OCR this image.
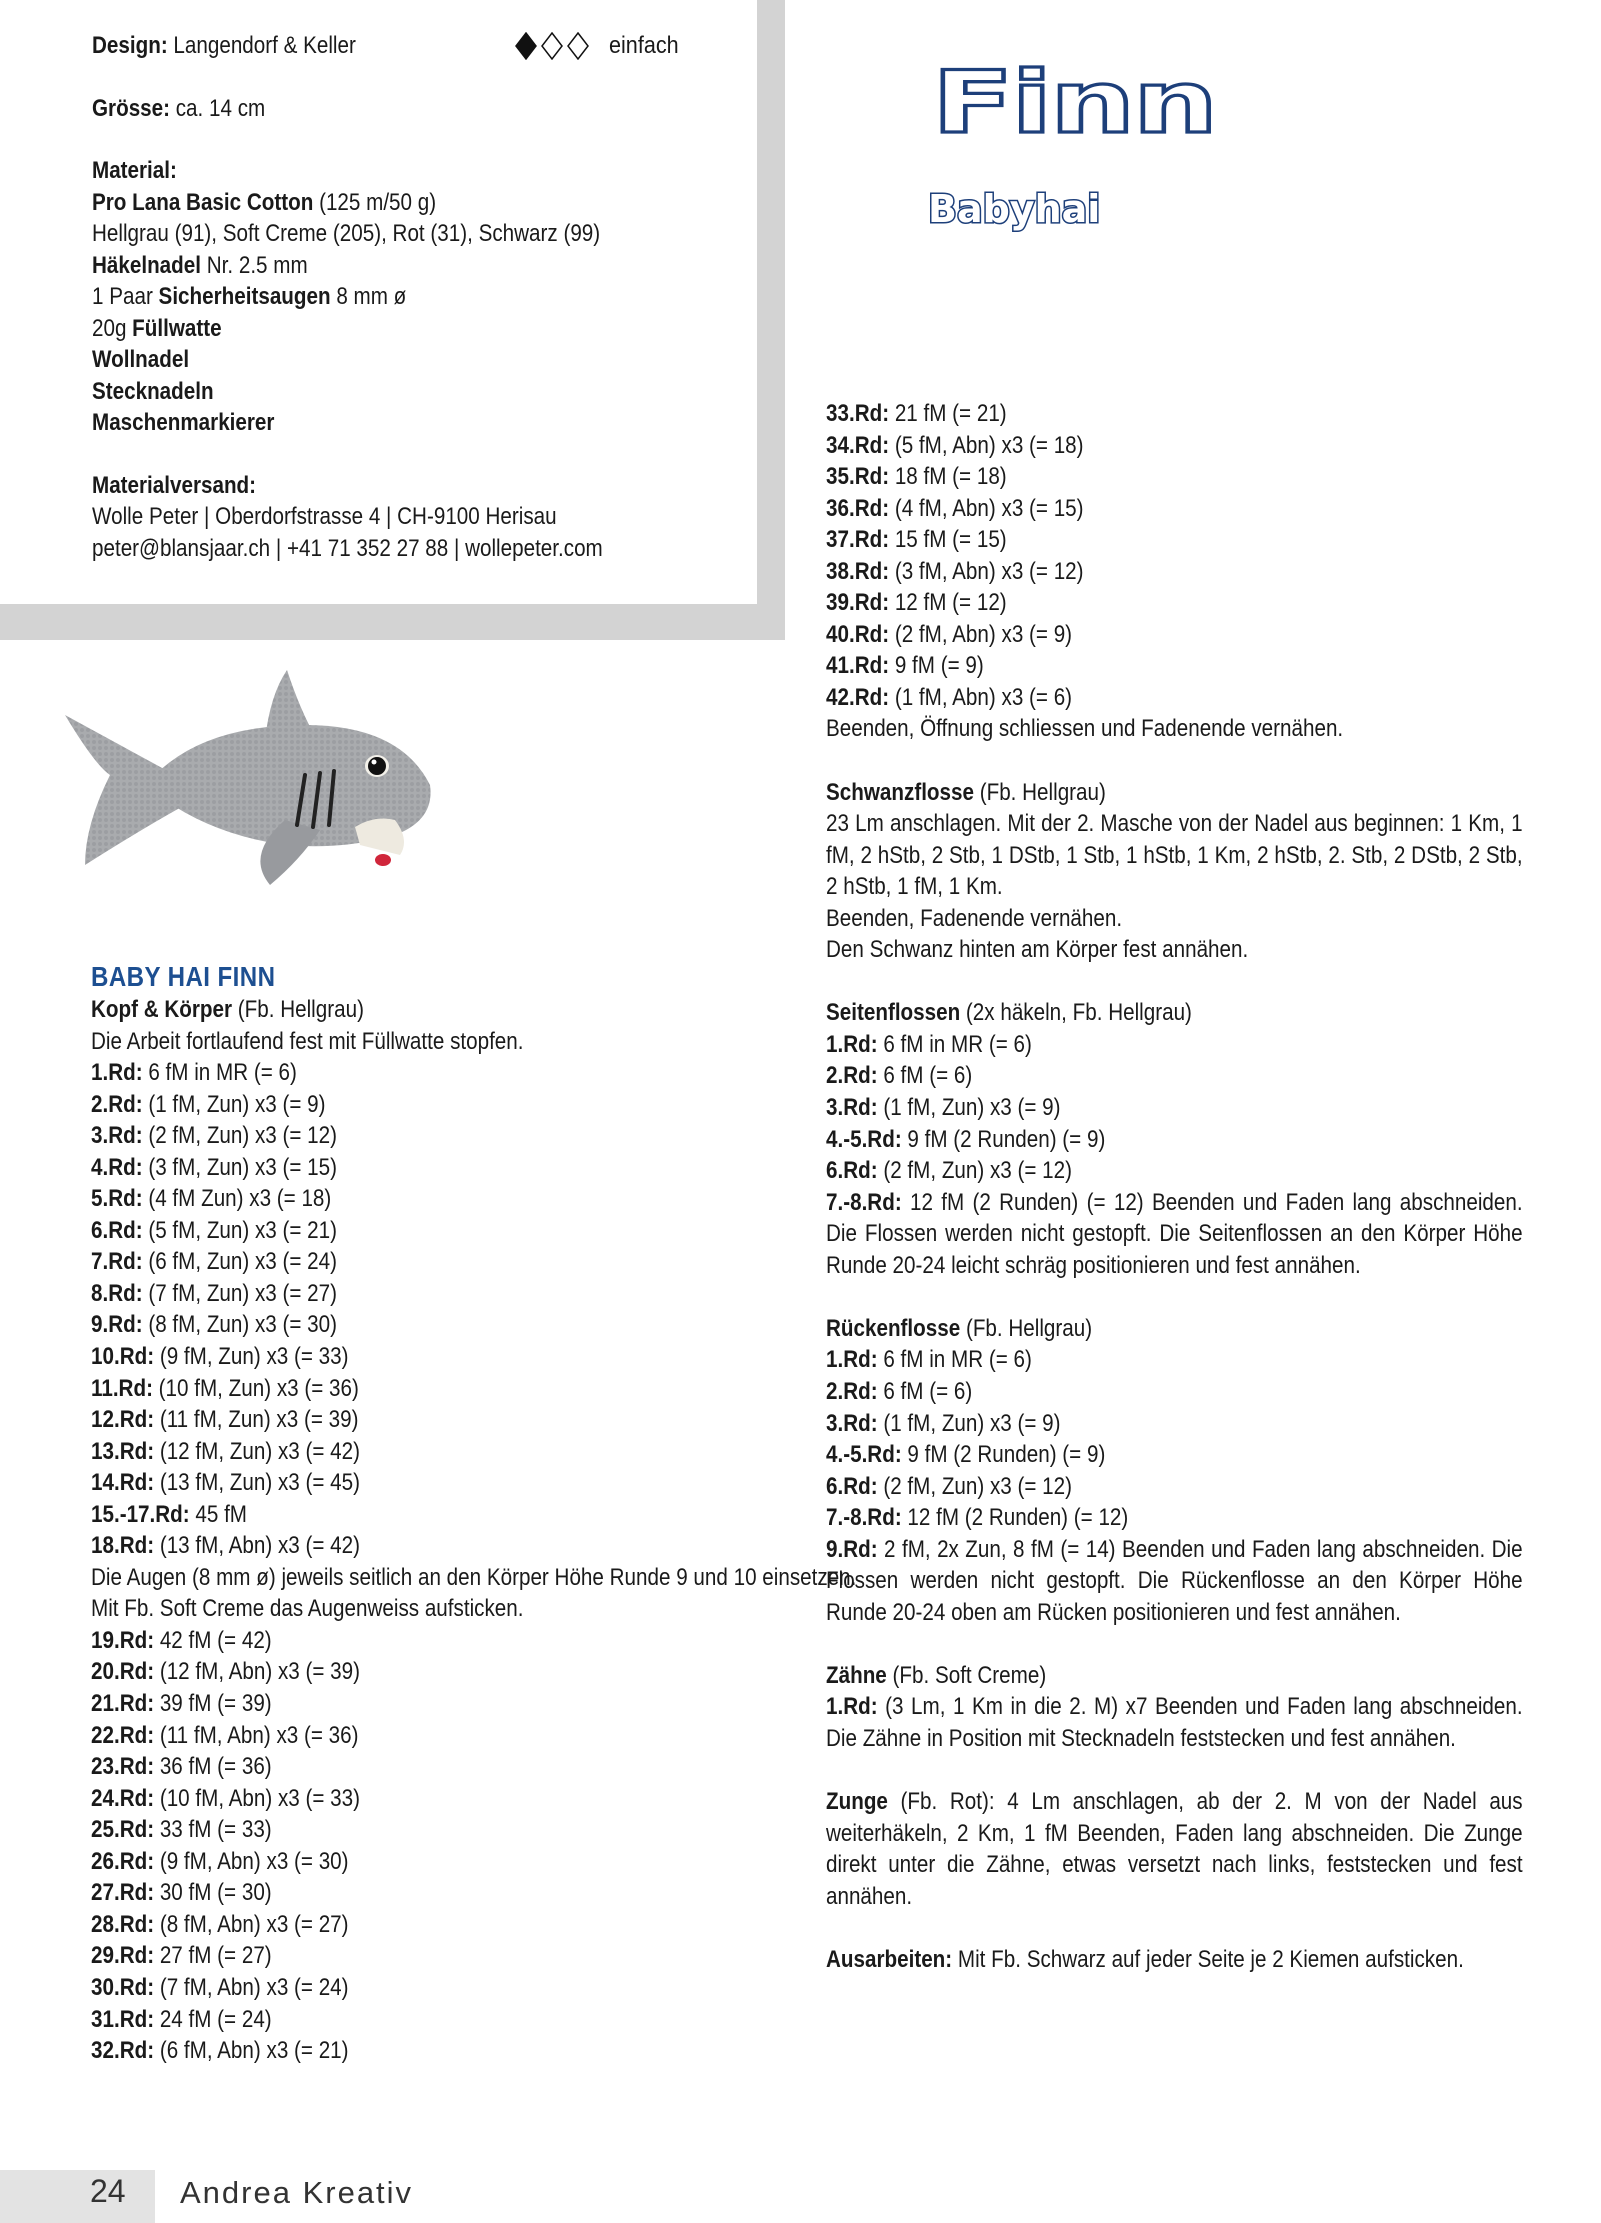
Design: Langendorf & Keller
Grösse: ca. 14 cm
Material:
Pro Lana Basic Cotton (125 m/50 g)
Hellgrau (91), Soft Creme (205), Rot (31), Schwarz (99)
Häkelnadel Nr. 2.5 mm
1 Paar Sicherheitsaugen 8 mm ø
20g Füllwatte
Wollnadel
Stecknadeln
Maschenmarkierer
Materialversand:
Wolle Peter | Oberdorfstrasse 4 | CH-9100 Herisau
peter@blansjaar.ch | +41 71 352 27 88 | wollepeter.com
einfach
Finn
Babyhai
BABY HAI FINN

Kopf & Körper (Fb. Hellgrau)

Die Arbeit fortlaufend fest mit Füllwatte stopfen.

1.Rd: 6 fM in MR (= 6)

2.Rd: (1 fM, Zun) x3 (= 9)

3.Rd: (2 fM, Zun) x3 (= 12)

4.Rd: (3 fM, Zun) x3 (= 15)

5.Rd: (4 fM Zun) x3 (= 18)

6.Rd: (5 fM, Zun) x3 (= 21)

7.Rd: (6 fM, Zun) x3 (= 24)

8.Rd: (7 fM, Zun) x3 (= 27)

9.Rd: (8 fM, Zun) x3 (= 30)

10.Rd: (9 fM, Zun) x3 (= 33)

11.Rd: (10 fM, Zun) x3 (= 36)

12.Rd: (11 fM, Zun) x3 (= 39)

13.Rd: (12 fM, Zun) x3 (= 42)

14.Rd: (13 fM, Zun) x3 (= 45)

15.-17.Rd: 45 fM

18.Rd: (13 fM, Abn) x3 (= 42)

Die Augen (8 mm ø) jeweils seitlich an den Körper Höhe Runde 9 und 10 einsetzen. Mit Fb. Soft Creme das Augenweiss aufsticken.

19.Rd: 42 fM (= 42)

20.Rd: (12 fM, Abn) x3 (= 39)

21.Rd: 39 fM (= 39)

22.Rd: (11 fM, Abn) x3 (= 36)

23.Rd: 36 fM (= 36)

24.Rd: (10 fM, Abn) x3 (= 33)

25.Rd: 33 fM (= 33)

26.Rd: (9 fM, Abn) x3 (= 30)

27.Rd: 30 fM (= 30)

28.Rd: (8 fM, Abn) x3 (= 27)

29.Rd: 27 fM (= 27)

30.Rd: (7 fM, Abn) x3 (= 24)

31.Rd: 24 fM (= 24)

32.Rd: (6 fM, Abn) x3 (= 21)

33.Rd: 21 fM (= 21)

34.Rd: (5 fM, Abn) x3 (= 18)

35.Rd: 18 fM (= 18)

36.Rd: (4 fM, Abn) x3 (= 15)

37.Rd: 15 fM (= 15)

38.Rd: (3 fM, Abn) x3 (= 12)

39.Rd: 12 fM (= 12)

40.Rd: (2 fM, Abn) x3 (= 9)

41.Rd: 9 fM (= 9)

42.Rd: (1 fM, Abn) x3 (= 6)

Beenden, Öffnung schliessen und Fadenende vernähen.

Schwanzflosse (Fb. Hellgrau)

23 Lm anschlagen. Mit der 2. Masche von der Nadel aus beginnen: 1 Km, 1 fM, 2 hStb, 2 Stb, 1 DStb, 1 Stb, 1 hStb, 1 Km, 2 hStb, 2. Stb, 2 DStb, 2 Stb, 2 hStb, 1 fM, 1 Km.

Beenden, Fadenende vernähen.

Den Schwanz hinten am Körper fest annähen.

Seitenflossen (2x häkeln, Fb. Hellgrau)

1.Rd: 6 fM in MR (= 6)

2.Rd: 6 fM (= 6)

3.Rd: (1 fM, Zun) x3 (= 9)

4.-5.Rd: 9 fM (2 Runden) (= 9)

6.Rd: (2 fM, Zun) x3 (= 12)

7.-8.Rd: 12 fM (2 Runden) (= 12) Beenden und Faden lang abschneiden. Die Flossen werden nicht gestopft. Die Seitenflossen an den Körper Höhe Runde 20-24 leicht schräg positionieren und fest annähen.

Rückenflosse (Fb. Hellgrau)

1.Rd: 6 fM in MR (= 6)

2.Rd: 6 fM (= 6)

3.Rd: (1 fM, Zun) x3 (= 9)

4.-5.Rd: 9 fM (2 Runden) (= 9)

6.Rd: (2 fM, Zun) x3 (= 12)

7.-8.Rd: 12 fM (2 Runden) (= 12)

9.Rd: 2 fM, 2x Zun, 8 fM (= 14) Beenden und Faden lang abschneiden. Die Flossen werden nicht gestopft. Die Rückenflosse an den Körper Höhe Runde 20-24 oben am Rücken positionieren und fest annähen.

Zähne (Fb. Soft Creme)

1.Rd: (3 Lm, 1 Km in die 2. M) x7 Beenden und Faden lang abschneiden. Die Zähne in Position mit Stecknadeln feststecken und fest annähen.

Zunge (Fb. Rot): 4 Lm anschlagen, ab der 2. M von der Nadel aus weiterhäkeln, 2 Km, 1 fM Beenden, Faden lang abschneiden. Die Zunge direkt unter die Zähne, etwas versetzt nach links, feststecken und fest annähen.

Ausarbeiten: Mit Fb. Schwarz auf jeder Seite je 2 Kiemen aufsticken.

24 Andrea Kreativ
